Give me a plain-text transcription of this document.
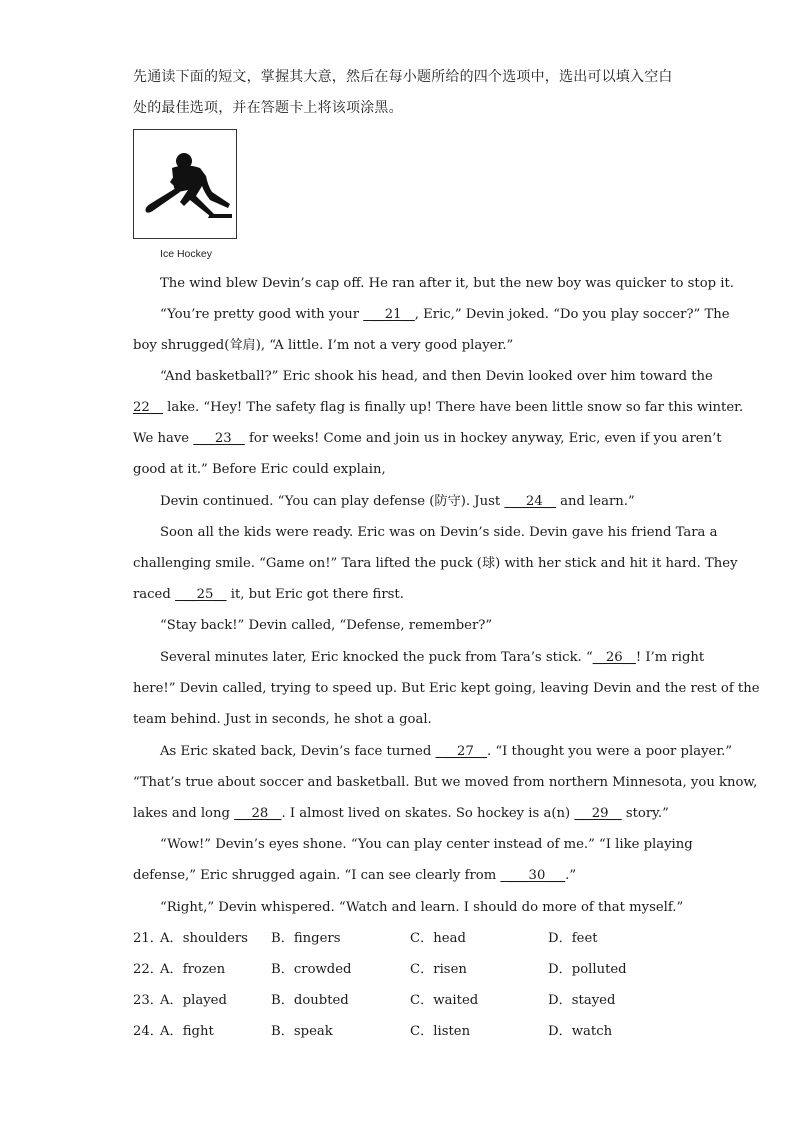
先通读下面的短文，掌握其大意，然后在每小题所给的四个选项中，选出可以填入空白
处的最佳选项，并在答题卡上将该项涂黑。
Ice Hockey
The wind blew Devin’s cap off. He ran after it, but the new boy was quicker to stop it.
“You’re pretty good with your   __21__, Eric,” Devin joked. “Do you play soccer?” The
boy shrugged(耸肩), “A little. I’m not a very good player.”
“And basketball?” Eric shook his head, and then Devin looked over him toward the
22__ lake. “Hey! The safety flag is finally up! There have been little snow so far this winter.
We have   __23__ for weeks! Come and join us in hockey anyway, Eric, even if you aren’t
good at it.” Before Eric could explain,
Devin continued. “You can play defense (防守). Just   __24__ and learn.”
Soon all the kids were ready. Eric was on Devin’s side. Devin gave his friend Tara a
challenging smile. “Game on!” Tara lifted the puck (球) with her stick and hit it hard. They
raced   __25__ it, but Eric got there first.
“Stay back!” Devin called, “Defense, remember?”
Several minutes later, Eric knocked the puck from Tara’s stick. “__26__! I’m right
here!” Devin called, trying to speed up. But Eric kept going, leaving Devin and the rest of the
team behind. Just in seconds, he shot a goal.
As Eric skated back, Devin’s face turned   __27__. “I thought you were a poor player.”
“That’s true about soccer and basketball. But we moved from northern Minnesota, you know,
lakes and long  __28__. I almost lived on skates. So hockey is a(n)  __29__ story.”
“Wow!” Devin’s eyes shone. “You can play center instead of me.” “I like playing
defense,” Eric shrugged again. “I can see clearly from   ___30___.”
“Right,” Devin whispered. “Watch and learn. I should do more of that myself.”
21．
A．shoulders B．fingers	C．head	D．feet
22．
A．frozen	B．crowded	C．risen	D．polluted
23．
A．played	B．doubted	C．waited	D．stayed
24．
A．fight	B．speak	C．listen	D．watch
